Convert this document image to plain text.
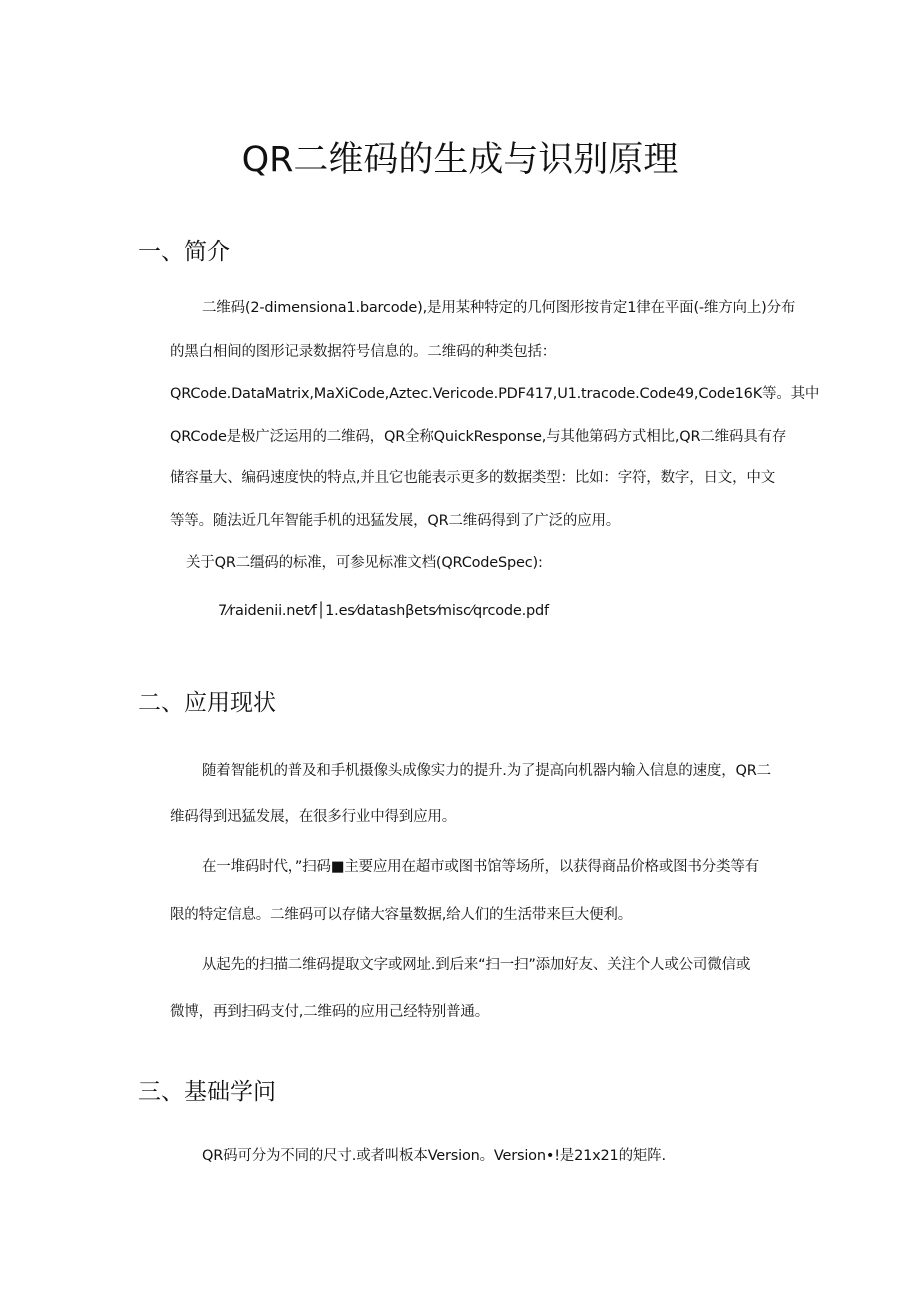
QR二维码的生成与识别原理
一、简介

二维码(2-dimensiona1.barcode),是用某种特定的几何图形按肯定1律在平面(-维方向上)分布

的黑白相间的图形记录数据符号信息的。二维码的种类包括：

QRCode.DataMatrix,MaXiCode,Aztec.Vericode.PDF417,U1.tracode.Code49,Code16K等。其中

QRCode是极广泛运用的二维码，QR全称QuickResponse,与其他第码方式相比,QR二维码具有存

储容量大、编码速度快的特点,并且它也能表示更多的数据类型：比如：字符，数字，日文，中文

等等。随法近几年智能手机的迅猛发展，QR二维码得到了广泛的应用。

关于QR二缰码的标准，可参见标准文档(QRCodeSpec):

7⁄raidenii.net⁄f│1.es⁄datashβets⁄misc⁄qrcode.pdf

二、应用现状

随着智能机的普及和手机摄像头成像实力的提升.为了提高向机器内输入信息的速度，QR二

维码得到迅猛发展，在很多行业中得到应用。

在一堆码时代，”扫码■主要应用在超市或图书馆等场所，以获得商品价格或图书分类等有

限的特定信息。二维码可以存储大容量数据,给人们的生活带来巨大便利。

从起先的扫描二维码提取文字或网址.到后来“扫一扫”添加好友、关注个人或公司微信或

微博，再到扫码支付,二维码的应用己经特别普通。

三、基础学问

QR码可分为不同的尺寸.或者叫板本Version。Version•!是21x21的矩阵.
